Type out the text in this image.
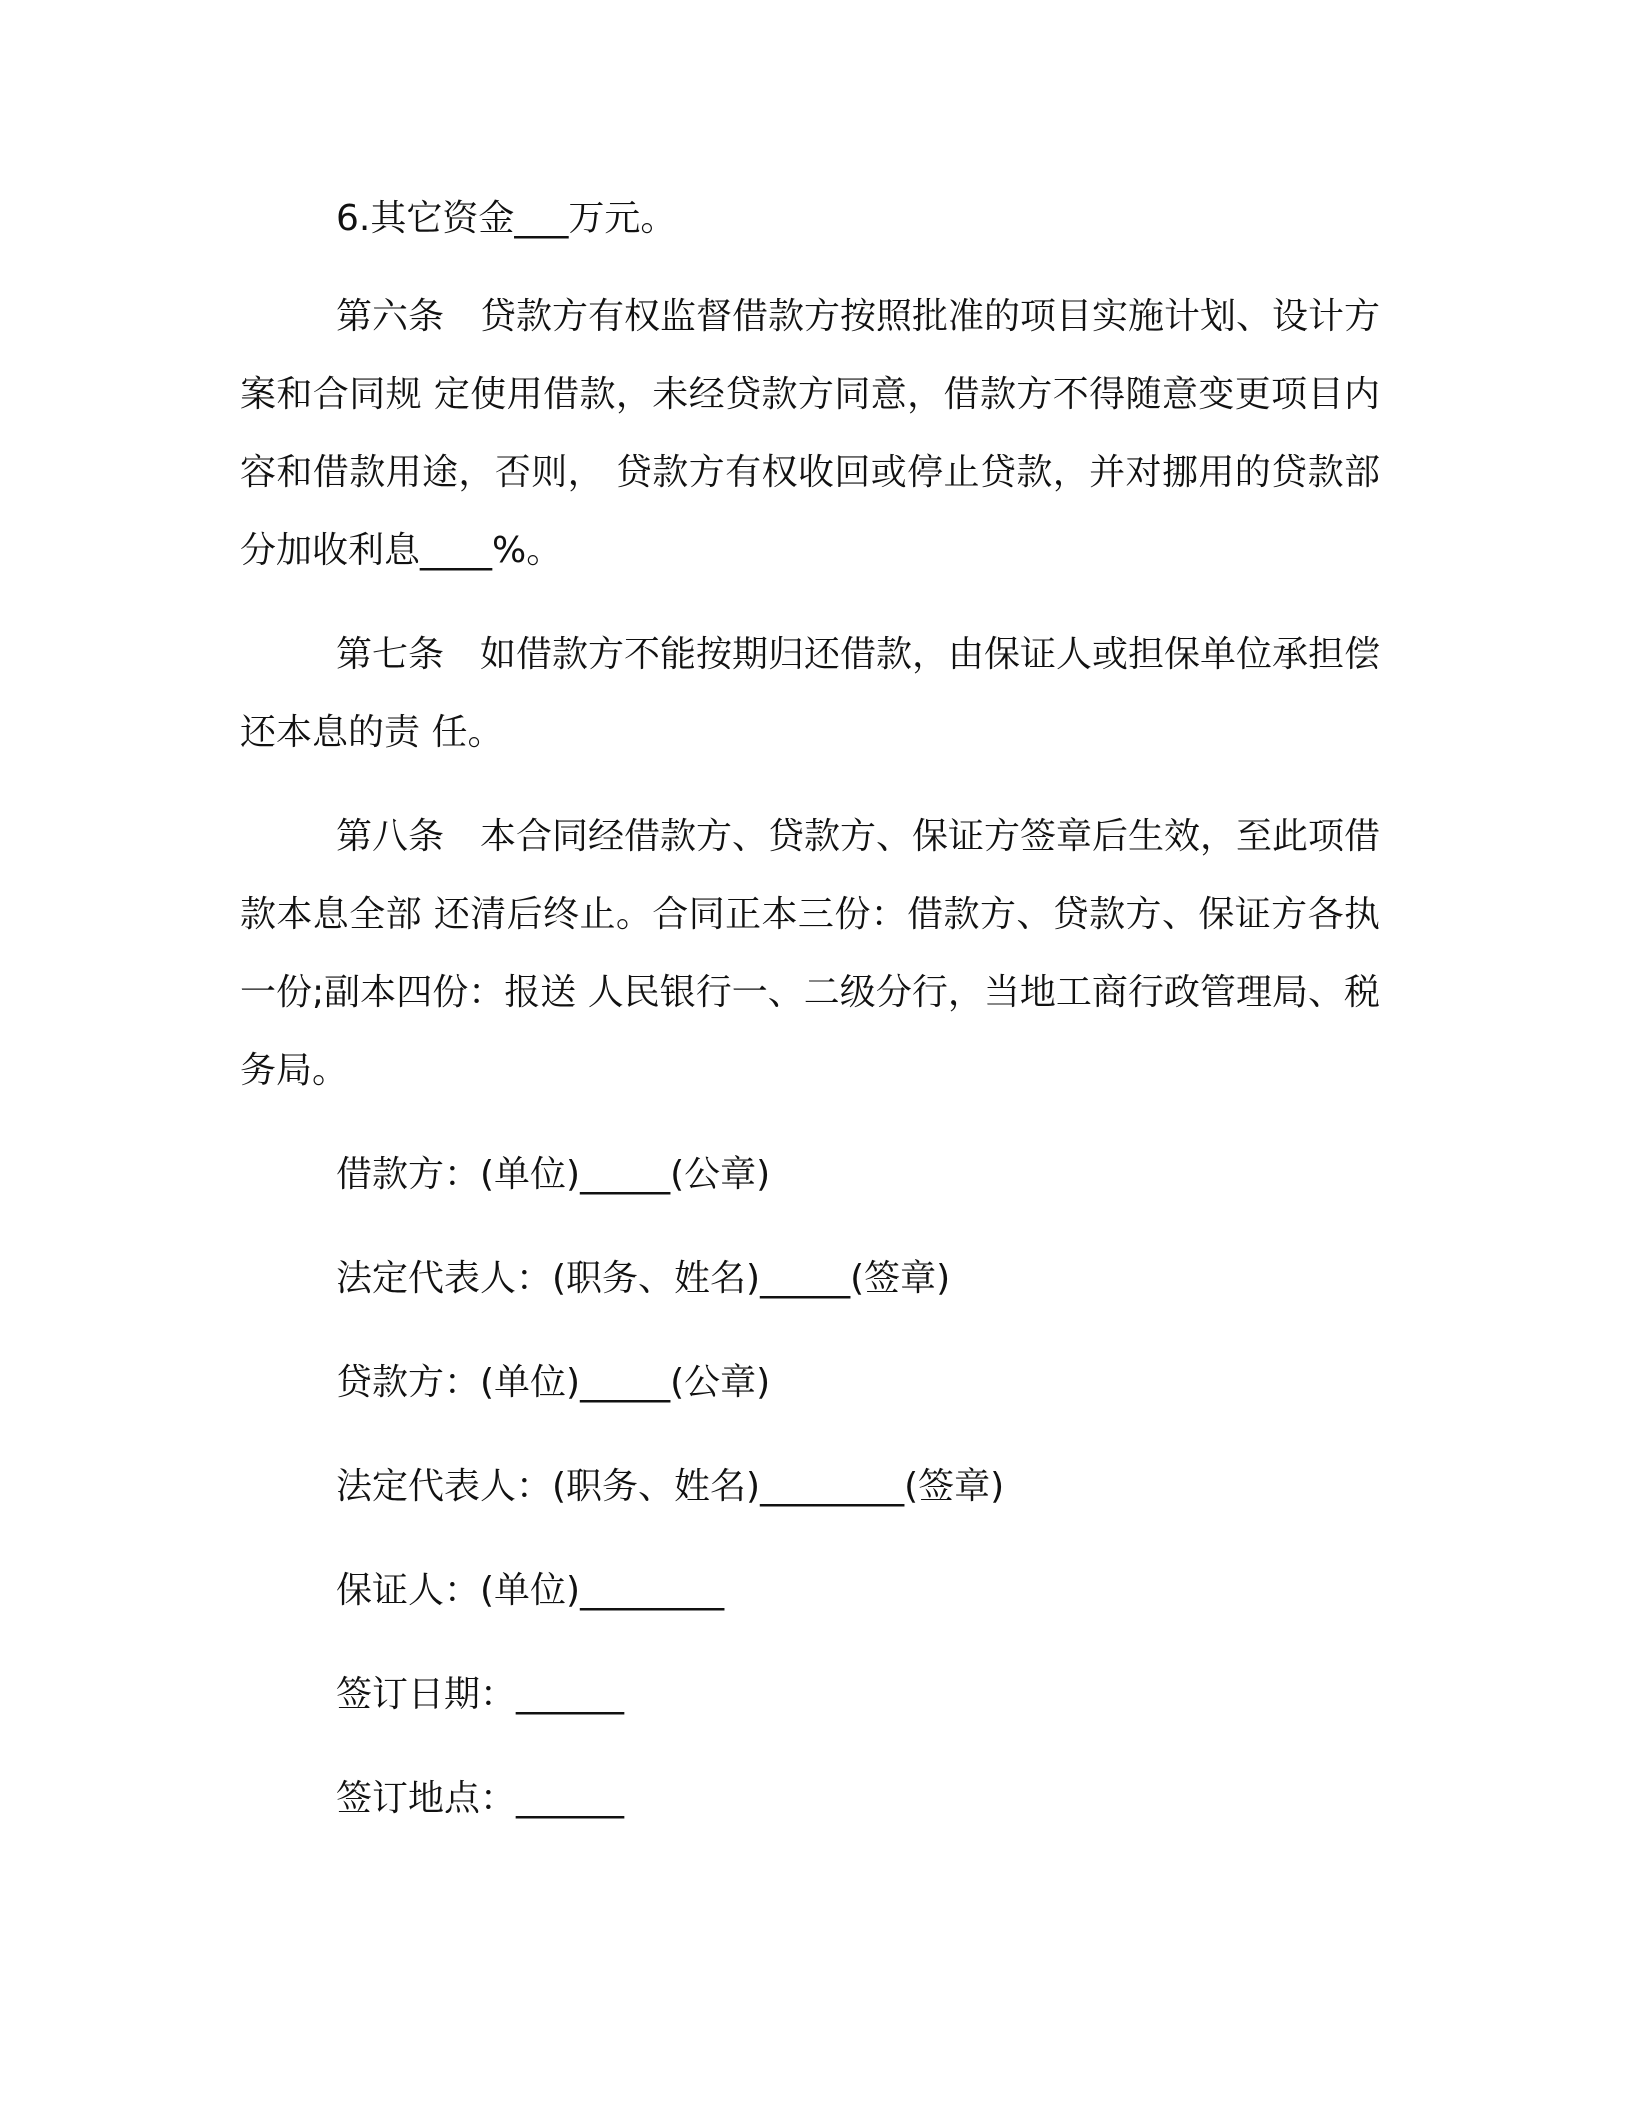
6.其它资金___万元。

第六条　贷款方有权监督借款方按照批准的项目实施计划、设计方案和合同规 定使用借款，未经贷款方同意，借款方不得随意变更项目内容和借款用途，否则， 贷款方有权收回或停止贷款，并对挪用的贷款部分加收利息____%。

第七条　如借款方不能按期归还借款，由保证人或担保单位承担偿还本息的责 任。

第八条　本合同经借款方、贷款方、保证方签章后生效，至此项借款本息全部 还清后终止。合同正本三份：借款方、贷款方、保证方各执一份;副本四份：报送 人民银行一、二级分行，当地工商行政管理局、税务局。

借款方：(单位)_____(公章)
法定代表人：(职务、姓名)_____(签章)
贷款方：(单位)_____(公章)
法定代表人：(职务、姓名)________(签章)
保证人：(单位)________
签订日期：______
签订地点：______
